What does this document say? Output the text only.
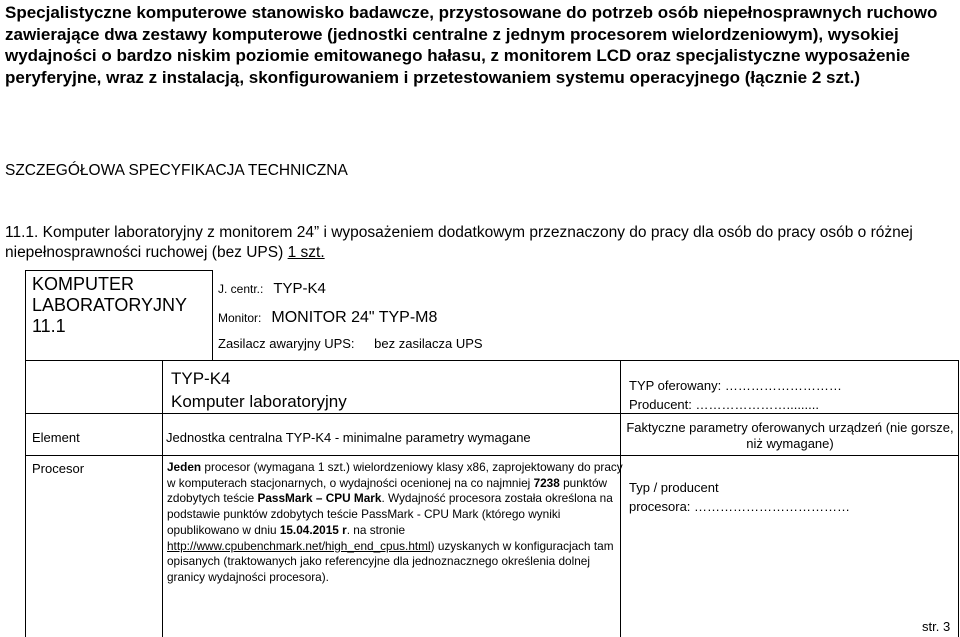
Specjalistyczne komputerowe stanowisko badawcze, przystosowane do potrzeb osób niepełnosprawnych ruchowo zawierające dwa zestawy komputerowe (jednostki centralne z jednym procesorem wielordzeniowym), wysokiej wydajności o bardzo niskim poziomie emitowanego hałasu, z monitorem LCD oraz specjalistyczne wyposażenie peryferyjne, wraz z instalacją, skonfigurowaniem i przetestowaniem systemu operacyjnego (łącznie 2 szt.)
SZCZEGÓŁOWA SPECYFIKACJA TECHNICZNA
11.1. Komputer laboratoryjny z monitorem 24” i wyposażeniem dodatkowym przeznaczony do pracy dla osób do pracy osób o różnej niepełnosprawności ruchowej (bez UPS) 1 szt.
KOMPUTER
LABORATORYJNY
11.1
J. centr.: TYP-K4
Monitor: MONITOR 24" TYP-M8
Zasilacz awaryjny UPS: bez zasilacza UPS
TYP-K4
Komputer laboratoryjny
TYP oferowany: ………………………
Producent: ………………….........
Element	Jednostka centralna TYP-K4 - minimalne parametry wymagane
Faktyczne parametry oferowanych urządzeń (nie gorsze, niż wymagane)
Procesor	Jeden procesor (wymagana 1 szt.) wielordzeniowy klasy x86, zaprojektowany do pracy w komputerach stacjonarnych, o wydajności ocenionej na co najmniej 7238 punktów zdobytych teście PassMark – CPU Mark. Wydajność procesora została określona na podstawie punktów zdobytych teście PassMark - CPU Mark (którego wyniki opublikowano w dniu 15.04.2015 r. na stronie http://www.cpubenchmark.net/high_end_cpus.html) uzyskanych w konfiguracjach tam opisanych (traktowanych jako referencyjne dla jednoznacznego określenia dolnej granicy wydajności procesora).
Typ / producent
procesora: ………………………………
str. 3
